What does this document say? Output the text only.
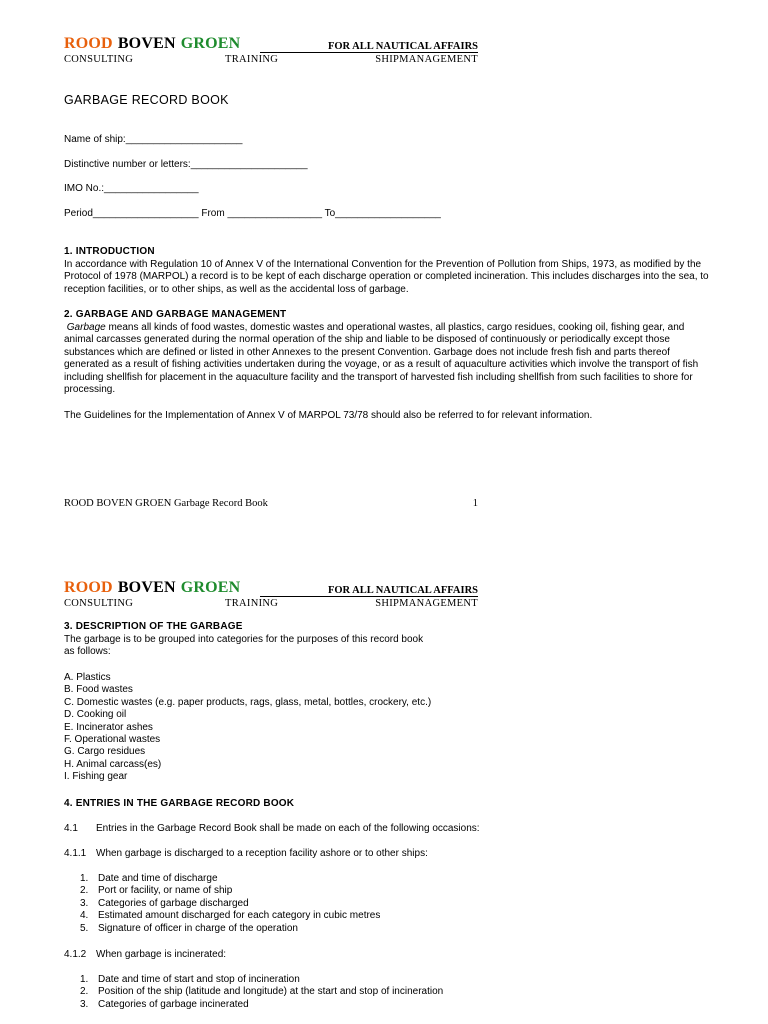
ROOD BOVEN GROEN	FOR ALL NAUTICAL AFFAIRS
CONSULTING	TRAINING	SHIPMANAGEMENT
GARBAGE RECORD BOOK
Name of ship:_____________________
Distinctive number or letters:_____________________
IMO No.:_________________
Period___________________ From _________________ To___________________
1. INTRODUCTION
In accordance with Regulation 10 of Annex V of the International Convention for the Prevention of Pollution from Ships, 1973, as modified by the Protocol of 1978 (MARPOL) a record is to be kept of each discharge operation or completed incineration. This includes discharges into the sea, to reception facilities, or to other ships, as well as the accidental loss of garbage.
2. GARBAGE AND GARBAGE MANAGEMENT
Garbage means all kinds of food wastes, domestic wastes and operational wastes, all plastics, cargo residues, cooking oil, fishing gear, and animal carcasses generated during the normal operation of the ship and liable to be disposed of continuously or periodically except those substances which are defined or listed in other Annexes to the present Convention. Garbage does not include fresh fish and parts thereof generated as a result of fishing activities undertaken during the voyage, or as a result of aquaculture activities which involve the transport of fish including shellfish for placement in the aquaculture facility and the transport of harvested fish including shellfish from such facilities to shore for processing.
The Guidelines for the Implementation of Annex V of MARPOL 73/78 should also be referred to for relevant information.
ROOD BOVEN GROEN Garbage Record Book	1
ROOD BOVEN GROEN	FOR ALL NAUTICAL AFFAIRS
CONSULTING	TRAINING	SHIPMANAGEMENT
3. DESCRIPTION OF THE GARBAGE
The garbage is to be grouped into categories for the purposes of this record book
as follows:
A. Plastics
B. Food wastes
C. Domestic wastes (e.g. paper products, rags, glass, metal, bottles, crockery, etc.)
D. Cooking oil
E. Incinerator ashes
F. Operational wastes
G. Cargo residues
H. Animal carcass(es)
I. Fishing gear
4. ENTRIES IN THE GARBAGE RECORD BOOK
4.1 Entries in the Garbage Record Book shall be made on each of the following occasions:
4.1.1 When garbage is discharged to a reception facility ashore or to other ships:
1. Date and time of discharge
2. Port or facility, or name of ship
3. Categories of garbage discharged
4. Estimated amount discharged for each category in cubic metres
5. Signature of officer in charge of the operation
4.1.2 When garbage is incinerated:
1. Date and time of start and stop of incineration
2. Position of the ship (latitude and longitude) at the start and stop of incineration
3. Categories of garbage incinerated
